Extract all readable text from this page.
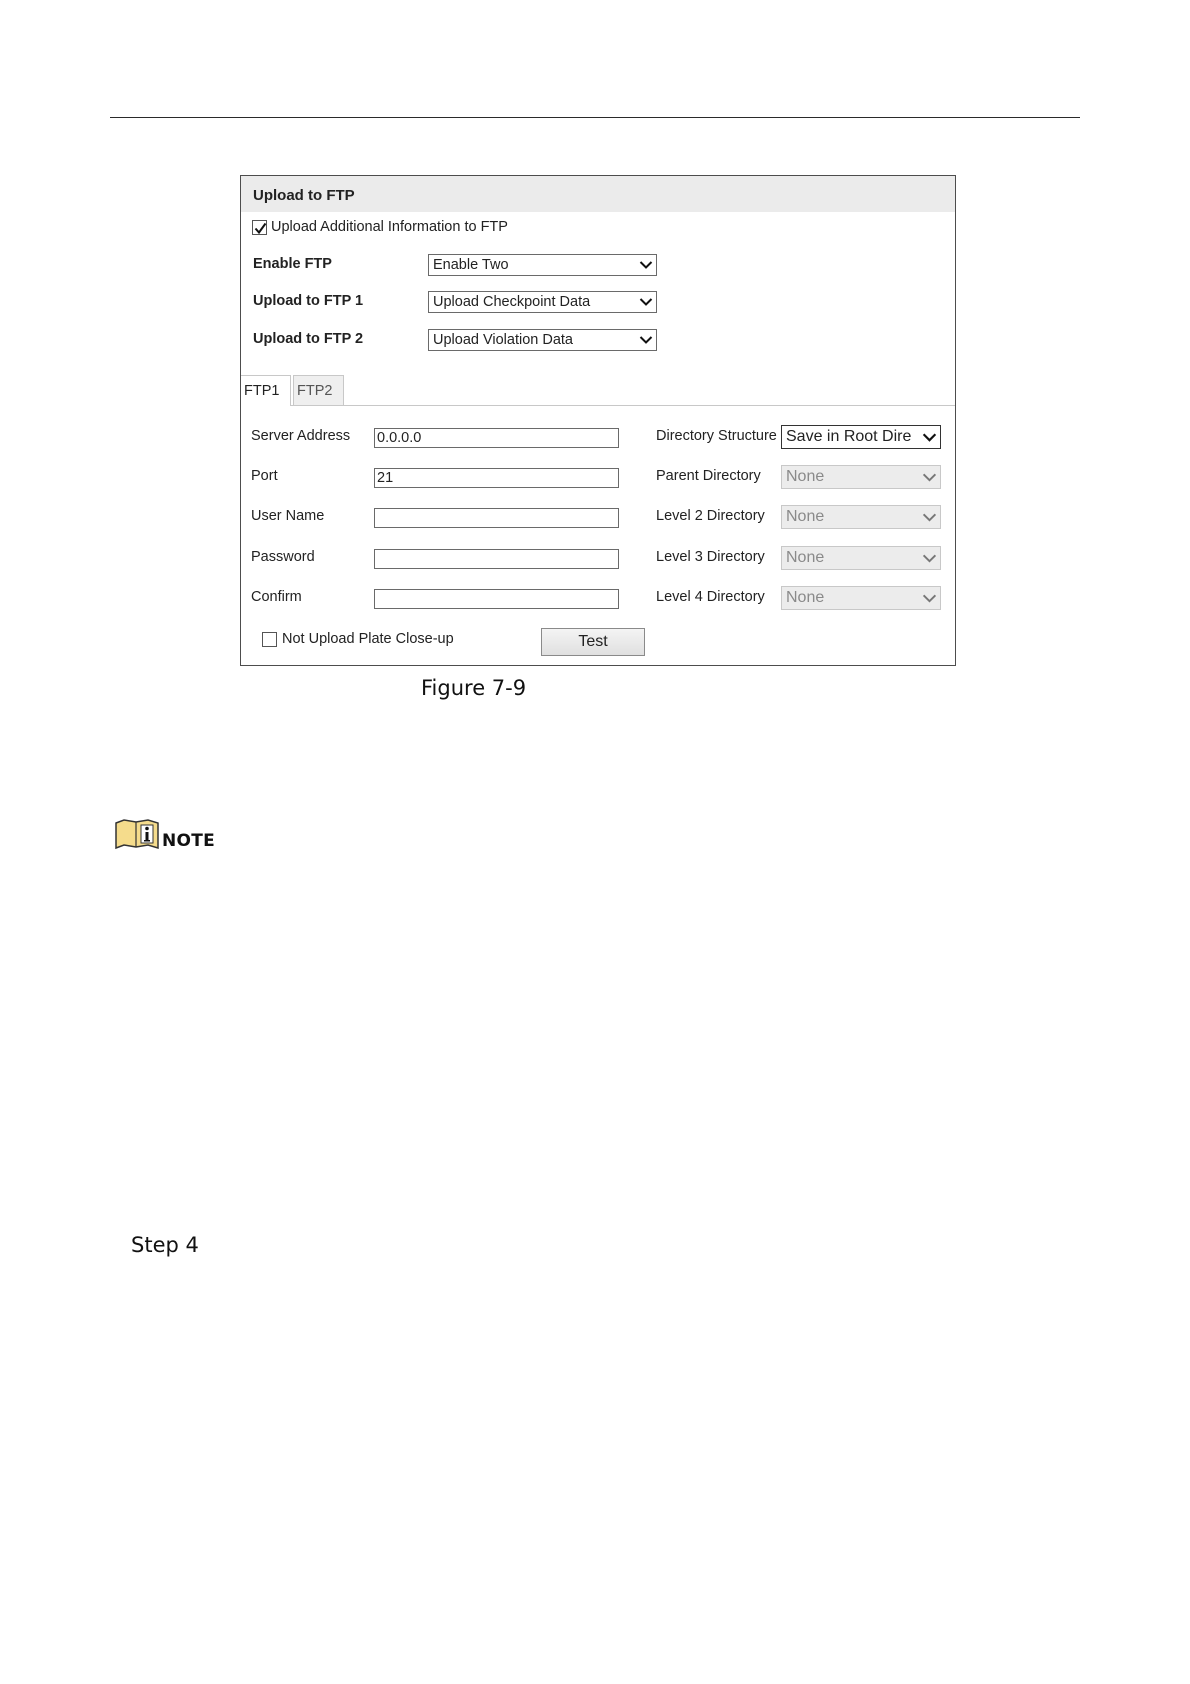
Upload to FTP
Upload Additional Information to FTP
Enable FTP	Enable Two
Upload to FTP 1	Upload Checkpoint Data
Upload to FTP 2	Upload Violation Data
FTP1	FTP2
Server Address 0.0.0.0
Port	21
User Name
Password
Confirm
Directory Structure Save in Root Dire
Parent Directory	None
Level 2 Directory	None
Level 3 Directory	None
Level 4 Directory	None
Not Upload Plate Close-up	Test
Figure 7-9
NOTE
Step 4
